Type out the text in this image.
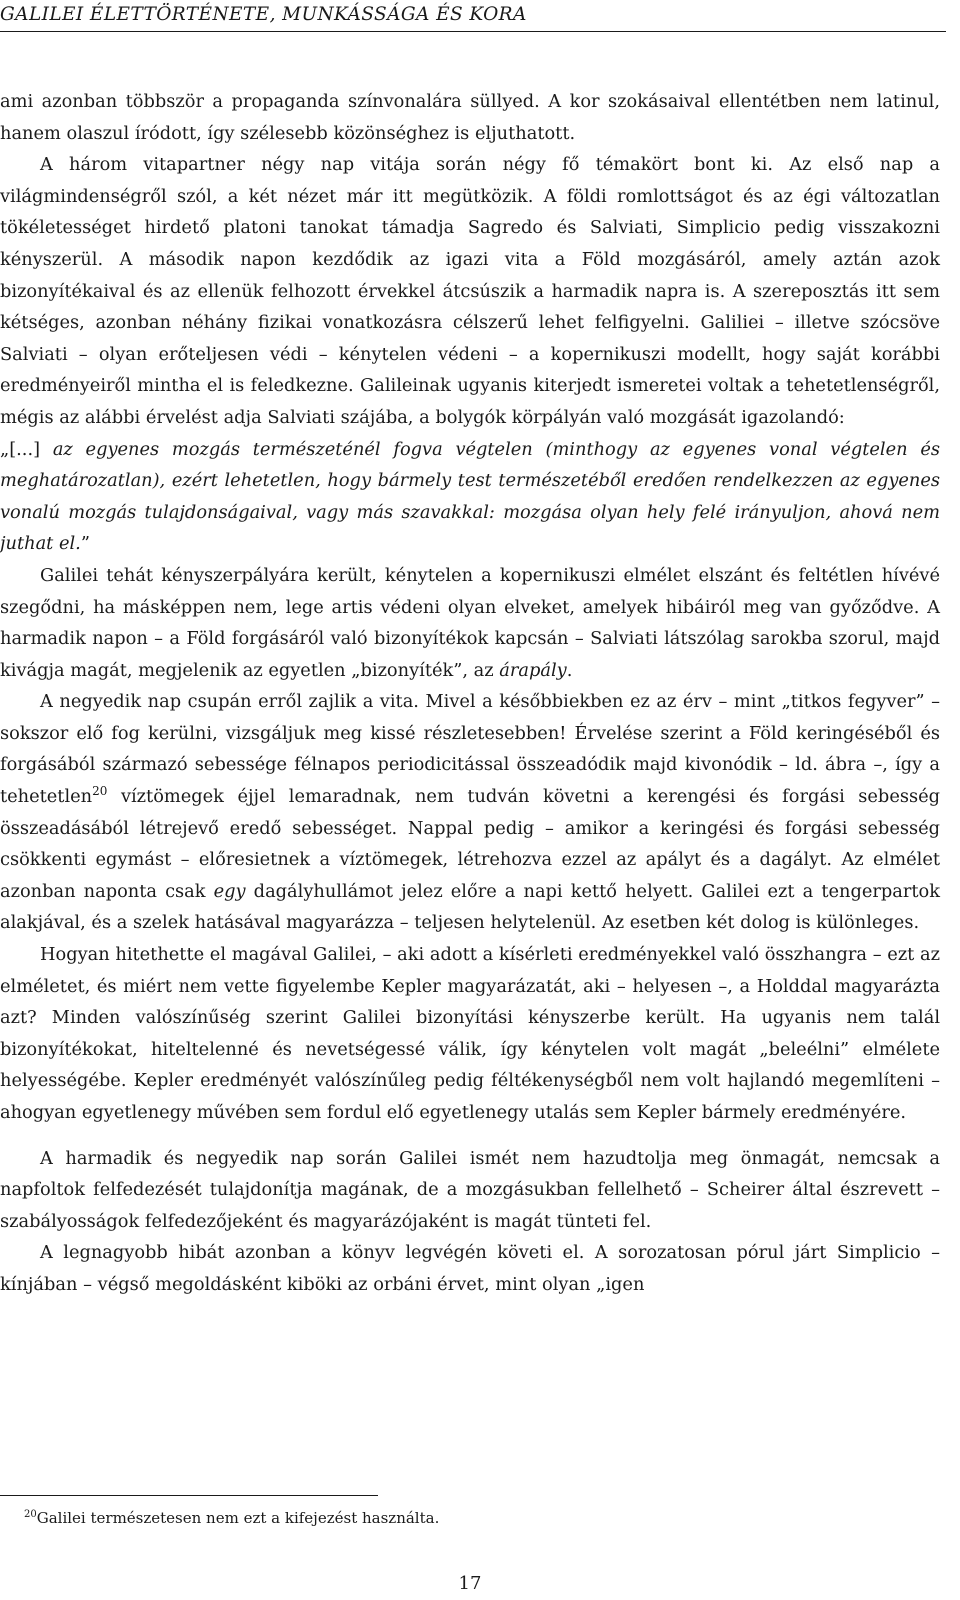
GALILEI ÉLETTÖRTÉNETE, MUNKÁSSÁGA ÉS KORA

ami azonban többször a propaganda színvonalára süllyed. A kor szokásaival ellentétben nem latinul, hanem olaszul íródott, így szélesebb közönséghez is eljuthatott.

A három vitapartner négy nap vitája során négy fő témakört bont ki. Az első nap a világmindenségről szól, a két nézet már itt megütközik. A földi romlottságot és az égi változatlan tökéletességet hirdető platoni tanokat támadja Sagredo és Salviati, Simplicio pedig visszakozni kényszerül. A második napon kezdődik az igazi vita a Föld mozgásáról, amely aztán azok bizonyítékaival és az ellenük felhozott érvekkel átcsúszik a harmadik napra is. A szereposztás itt sem kétséges, azonban néhány fizikai vonatkozásra célszerű lehet felfigyelni. Galiliei – illetve szócsöve Salviati – olyan erőteljesen védi – kénytelen védeni – a kopernikuszi modellt, hogy saját korábbi eredményeiről mintha el is feledkezne. Galileinak ugyanis kiterjedt ismeretei voltak a tehetetlenségről, mégis az alábbi érvelést adja Salviati szájába, a bolygók körpályán való mozgását igazolandó:

„[...] az egyenes mozgás természeténél fogva végtelen (minthogy az egyenes vonal végtelen és meghatározatlan), ezért lehetetlen, hogy bármely test természetéből eredően rendelkezzen az egyenes vonalú mozgás tulajdonságaival, vagy más szavakkal: mozgása olyan hely felé irányuljon, ahová nem juthat el.”

Galilei tehát kényszerpályára került, kénytelen a kopernikuszi elmélet elszánt és feltétlen hívévé szegődni, ha másképpen nem, lege artis védeni olyan elveket, amelyek hibáiról meg van győződve. A harmadik napon – a Föld forgásáról való bizonyítékok kapcsán – Salviati látszólag sarokba szorul, majd kivágja magát, megjelenik az egyetlen „bizonyíték”, az árapály.

A negyedik nap csupán erről zajlik a vita. Mivel a későbbiekben ez az érv – mint „titkos fegyver” – sokszor elő fog kerülni, vizsgáljuk meg kissé részletesebben! Érvelése szerint a Föld keringéséből és forgásából származó sebessége félnapos periodicitással összeadódik majd kivonódik – ld. ábra –, így a tehetetlen$^{20}$ víztömegek éjjel lemaradnak, nem tudván követni a kerengési és forgási sebesség összeadásából létrejevő eredő sebességet. Nappal pedig – amikor a keringési és forgási sebesség csökkenti egymást – előresietnek a víztömegek, létrehozva ezzel az apályt és a dagályt. Az elmélet azonban naponta csak egy dagályhullámot jelez előre a napi kettő helyett. Galilei ezt a tengerpartok alakjával, és a szelek hatásával magyarázza – teljesen helytelenül. Az esetben két dolog is különleges.

Hogyan hitethette el magával Galilei, – aki adott a kísérleti eredményekkel való összhangra – ezt az elméletet, és miért nem vette figyelembe Kepler magyarázatát, aki – helyesen –, a Holddal magyarázta azt? Minden valószínűség szerint Galilei bizonyítási kényszerbe került. Ha ugyanis nem talál bizonyítékokat, hiteltelenné és nevetségessé válik, így kénytelen volt magát „beleélni” elmélete helyességébe. Kepler eredményét valószínűleg pedig féltékenységből nem volt hajlandó megemlíteni – ahogyan egyetlenegy művében sem fordul elő egyetlenegy utalás sem Kepler bármely eredményére.

A harmadik és negyedik nap során Galilei ismét nem hazudtolja meg önmagát, nemcsak a napfoltok felfedezését tulajdonítja magának, de a mozgásukban fellelhető – Scheirer által észrevett – szabályosságok felfedezőjeként és magyarázójaként is magát tünteti fel.

A legnagyobb hibát azonban a könyv legvégén követi el. A sorozatosan pórul járt Simplicio – kínjában – végső megoldásként kiböki az orbáni érvet, mint olyan „igen

$^{20}$Galilei természetesen nem ezt a kifejezést használta.
17
